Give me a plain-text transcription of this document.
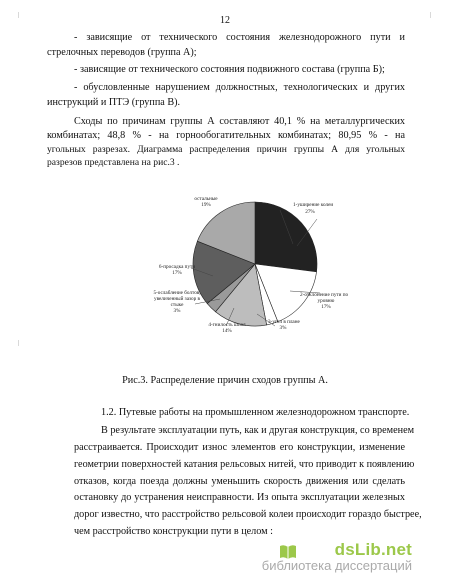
12
- зависящие от технического состояния железнодорожного пути и
стрелочных переводов (группа А);
- зависящие от технического состояния подвижного состава (группа Б);
- обусловленные нарушением должностных, технологических и других
инструкций и ПТЭ (группа В).
Сходы по причинам группы А составляют 40,1 % на металлургических
комбинатах; 48,8 % - на горнообогатительных комбинатах; 80,95 % - на
угольных разрезах. Диаграмма распределения причин группы А для угольных
разрезов представлена на рис.3 .
1-уширение колеи
27%
2-отклонение пути по
уровню
17%
3-угол в плане
3%
4-гнилость шпал
14%
5-ослабление болтов,
увеличенный зазор в
стыке
3%
6-просадка пути
17%
остальные
19%
Рис.3. Распределение причин сходов группы А.
1.2. Путевые работы на промышленном железнодорожном транспорте.
В результате эксплуатации путь, как и другая конструкция, со временем
расстраивается. Происходит износ элементов его конструкции, изменение
геометрии поверхностей катания рельсовых нитей, что приводит к появлению
отказов, когда поезда должны уменьшить скорость движения или сделать
остановку до устранения неисправности. Из опыта эксплуатации железных
дорог известно, что расстройство рельсовой колеи происходит гораздо быстрее,
чем расстройство конструкции пути в целом :
dsLib.net
библиотека диссертаций
